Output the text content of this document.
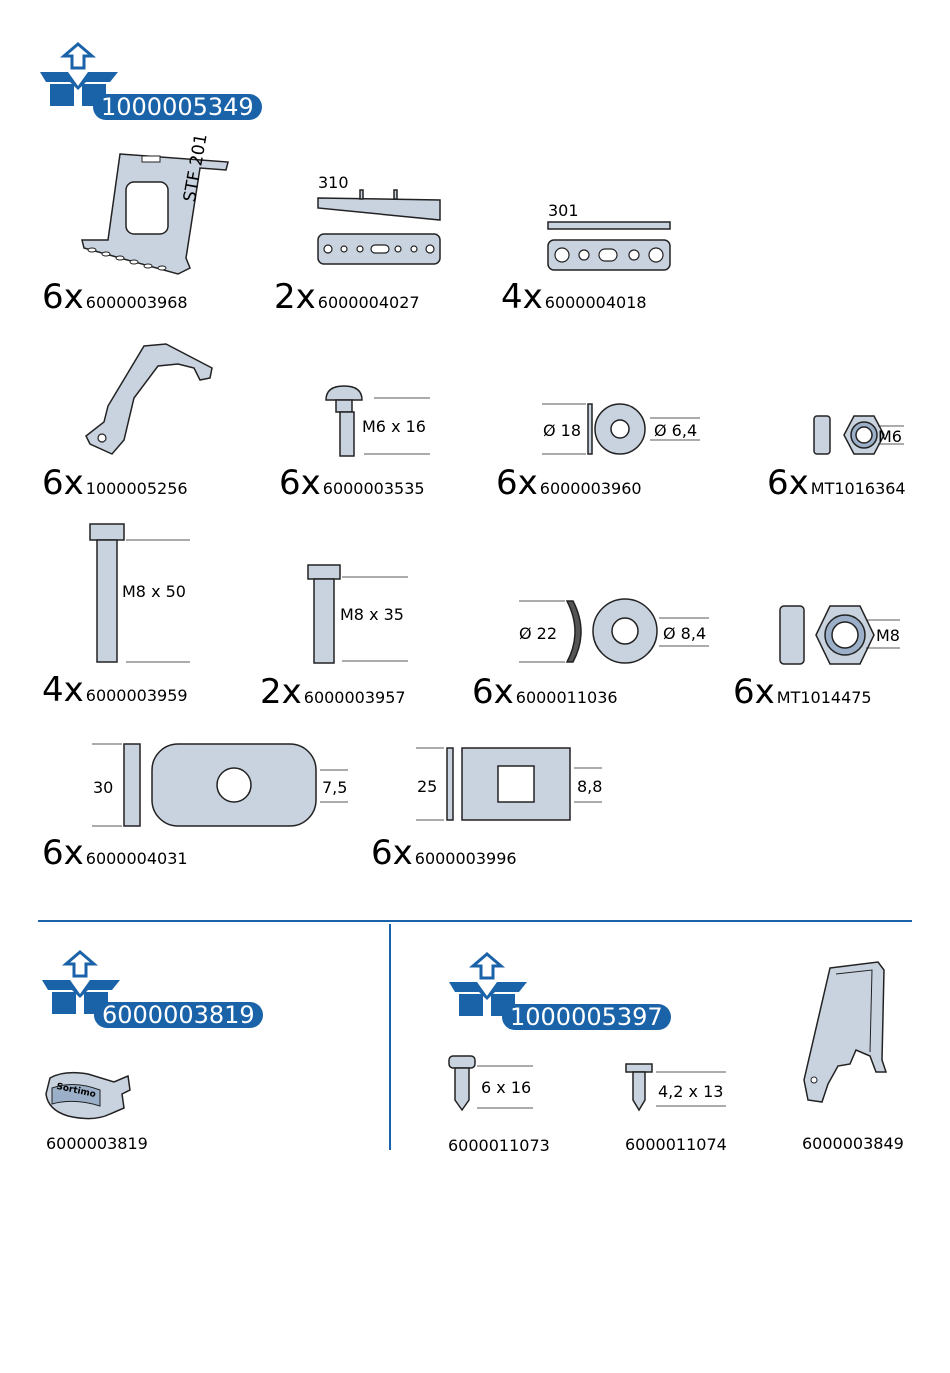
1000005349
STF 201
6x 6000003968
310
2x 6000004027
301
4x 6000004018
6x 1000005256
M6 x 16
6x 6000003535
Ø 18	Ø 6,4
6x 6000003960
M6
6x MT1016364
M8 x 50
4x 6000003959
M8 x 35
2x 6000003957
Ø 22	Ø 8,4
6x 6000011036
M8
6x MT1014475
30	7,5
6x 6000004031
25	8,8
6x 6000003996
6000003819
Sortimo
6000003819
1000005397
6 x 16
6000011073
4,2 x 13
6000011074	6000003849
